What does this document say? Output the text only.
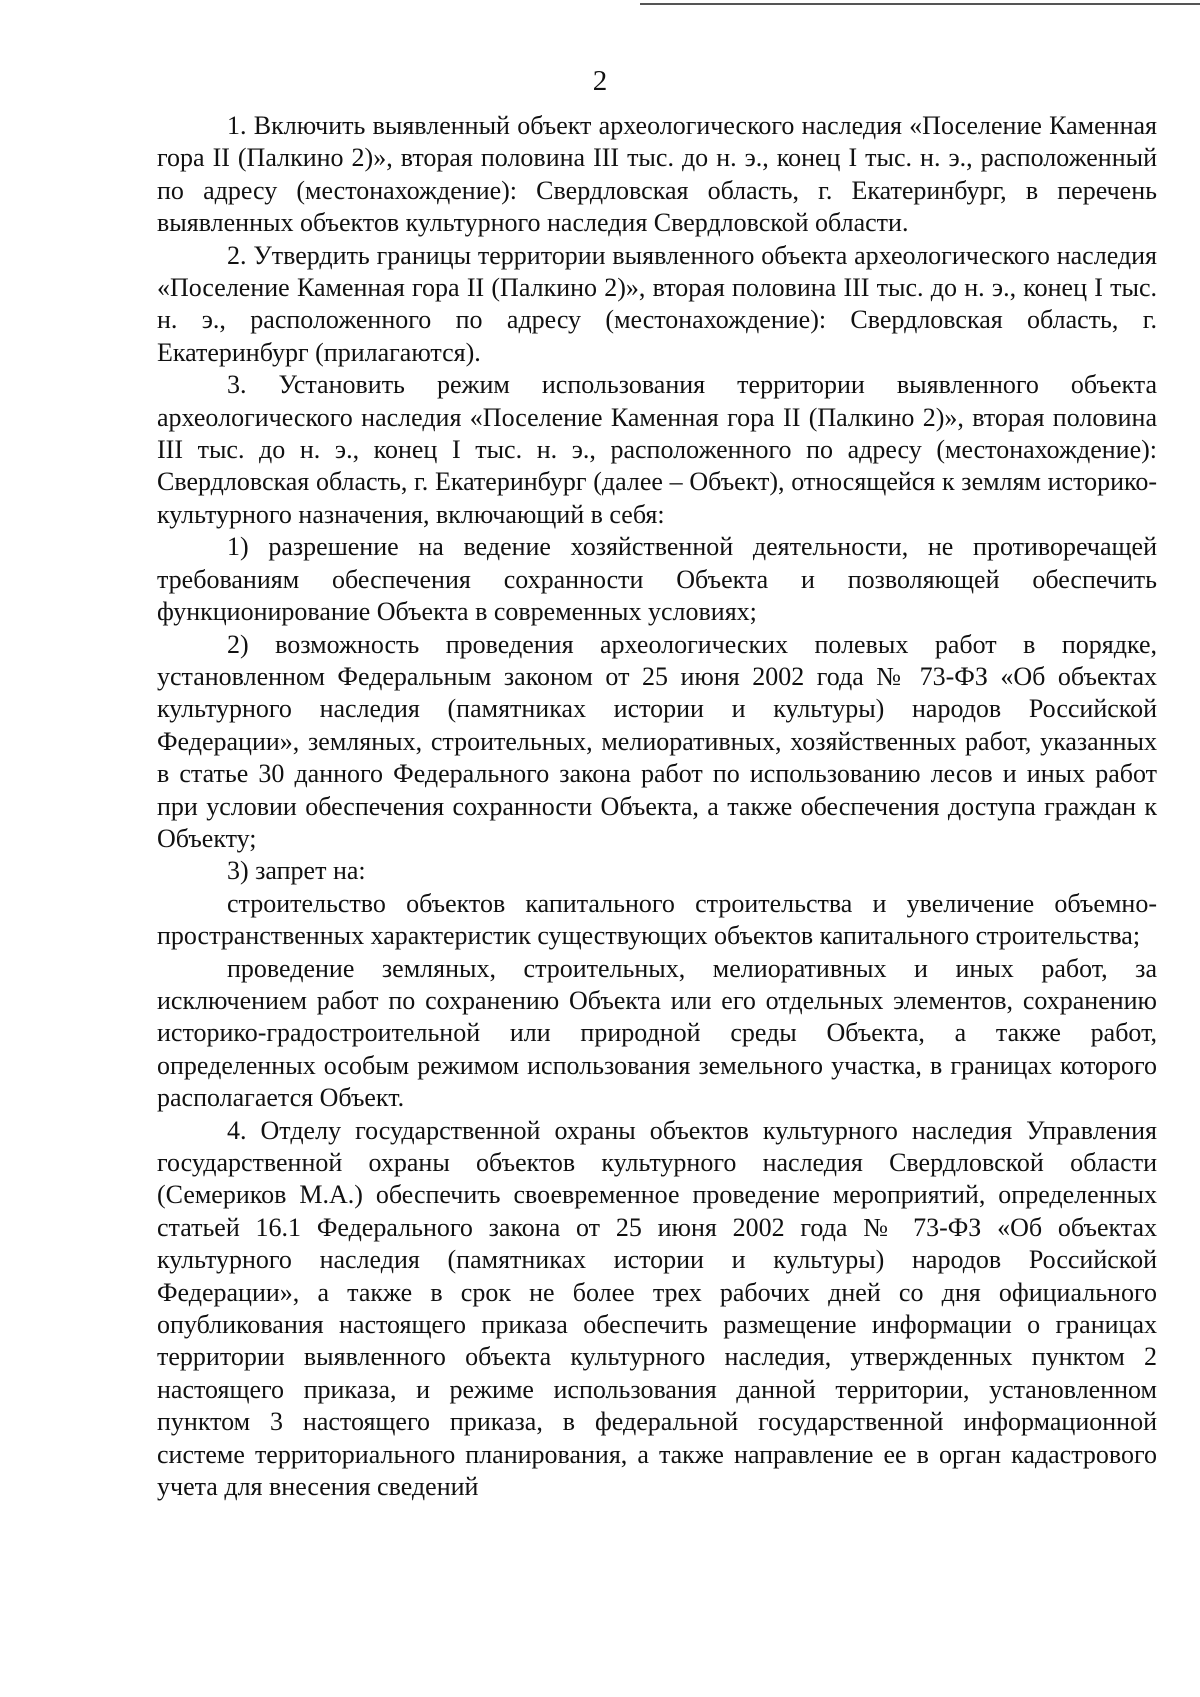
2

1. Включить выявленный объект археологического наследия «Поселение Каменная гора II (Палкино 2)», вторая половина III тыс. до н. э., конец I тыс. н. э., расположенный по адресу (местонахождение): Свердловская область, г. Екатеринбург, в перечень выявленных объектов культурного наследия Свердловской области.

2. Утвердить границы территории выявленного объекта археологического наследия «Поселение Каменная гора II (Палкино 2)», вторая половина III тыс. до н. э., конец I тыс. н. э., расположенного по адресу (местонахождение): Свердловская область, г. Екатеринбург (прилагаются).

3. Установить режим использования территории выявленного объекта археологического наследия «Поселение Каменная гора II (Палкино 2)», вторая половина III тыс. до н. э., конец I тыс. н. э., расположенного по адресу (местонахождение): Свердловская область, г. Екатеринбург (далее – Объект), относящейся к землям историко-культурного назначения, включающий в себя:

1) разрешение на ведение хозяйственной деятельности, не противоречащей требованиям обеспечения сохранности Объекта и позволяющей обеспечить функционирование Объекта в современных условиях;

2) возможность проведения археологических полевых работ в порядке, установленном Федеральным законом от 25 июня 2002 года № 73-ФЗ «Об объектах культурного наследия (памятниках истории и культуры) народов Российской Федерации», земляных, строительных, мелиоративных, хозяйственных работ, указанных в статье 30 данного Федерального закона работ по использованию лесов и иных работ при условии обеспечения сохранности Объекта, а также обеспечения доступа граждан к Объекту;

3) запрет на:

строительство объектов капитального строительства и увеличение объемно-пространственных характеристик существующих объектов капитального строительства;

проведение земляных, строительных, мелиоративных и иных работ, за исключением работ по сохранению Объекта или его отдельных элементов, сохранению историко-градостроительной или природной среды Объекта, а также работ, определенных особым режимом использования земельного участка, в границах которого располагается Объект.

4. Отделу государственной охраны объектов культурного наследия Управления государственной охраны объектов культурного наследия Свердловской области (Семериков М.А.) обеспечить своевременное проведение мероприятий, определенных статьей 16.1 Федерального закона от 25 июня 2002 года № 73-ФЗ «Об объектах культурного наследия (памятниках истории и культуры) народов Российской Федерации», а также в срок не более трех рабочих дней со дня официального опубликования настоящего приказа обеспечить размещение информации о границах территории выявленного объекта культурного наследия, утвержденных пунктом 2 настоящего приказа, и режиме использования данной территории, установленном пунктом 3 настоящего приказа, в федеральной государственной информационной системе территориального планирования, а также направление ее в орган кадастрового учета для внесения сведений
